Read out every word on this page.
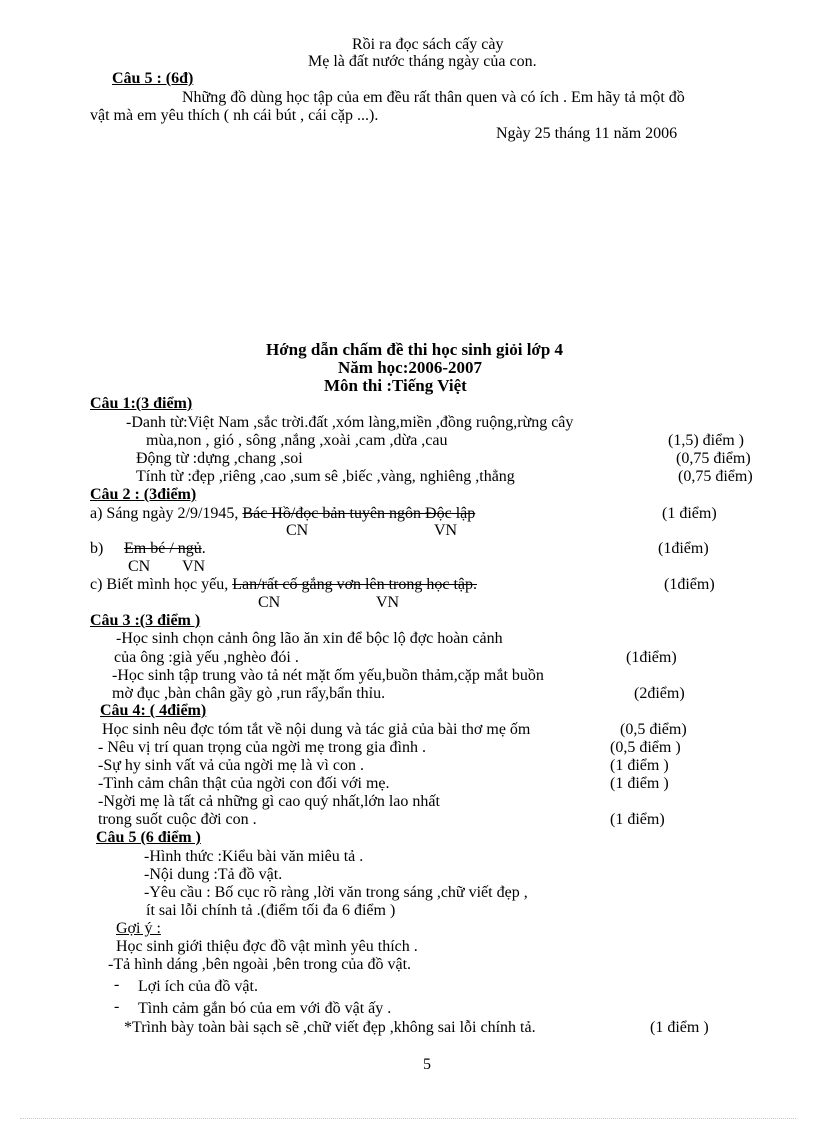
Rồi ra đọc sách cấy cày
Mẹ là đất nước tháng ngày của con.
Câu 5 : (6đ)
Những đồ dùng học tập của em đều rất thân quen và có ích . Em hãy tả một đồ
vật mà em yêu thích ( nh cái bút , cái cặp ...).
Ngày 25 tháng 11 năm 2006
Hớng dẫn chấm đề thi học sinh giỏi lớp 4
Năm học:2006-2007
Môn thi :Tiếng Việt
Câu 1:(3 điểm)
-Danh từ:Việt Nam ,sắc trời.đất ,xóm làng,miền ,đồng ruộng,rừng cây
mùa,non , gió , sông ,nắng ,xoài ,cam ,dừa ,cau	(1,5) điểm )
Động từ :dựng ,chang ,soi	(0,75 điểm)
Tính từ :đẹp ,riêng ,cao ,sum sê ,biếc ,vàng, nghiêng ,thẳng	(0,75 điểm)
Câu 2 : (3điểm)
a) Sáng ngày 2/9/1945, Bác Hồ/đọc bản tuyên ngôn Độc lập	(1 điểm)
CN	VN
b) Em bé / ngủ.	(1điểm)
CN VN
c) Biết mình học yếu, Lan/rất cố gắng vơn lên trong học tập.	(1điểm)
CN	VN
Câu 3 :(3 điểm )
-Học sinh chọn cảnh ông lão ăn xin để bộc lộ đợc hoàn cảnh
của ông :già yếu ,nghèo đói .	(1điểm)
-Học sinh tập trung vào tả nét mặt ốm yếu,buồn thảm,cặp mắt buồn
mờ đục ,bàn chân gầy gò ,run rẩy,bẩn thỉu.	(2điểm)
Câu 4: ( 4điểm)
Học sinh nêu đợc tóm tắt về nội dung và tác giả của bài thơ mẹ ốm	(0,5 điểm)
- Nêu vị trí quan trọng của ngời mẹ trong gia đình .	(0,5 điểm )
-Sự hy sinh vất vả của ngời mẹ là vì con .	(1 điểm )
-Tình cảm chân thật của ngời con đối với mẹ.	(1 điểm )
-Ngời mẹ là tất cả những gì cao quý nhất,lớn lao nhất
trong suốt cuộc đời con .	(1 điểm)
Câu 5 (6 điểm )
-Hình thức :Kiểu bài văn miêu tả .
-Nội dung :Tả đồ vật.
-Yêu cầu : Bố cục rõ ràng ,lời văn trong sáng ,chữ viết đẹp ,
ít sai lỗi chính tả .(điểm tối đa 6 điểm )
Gợi ý :
Học sinh giới thiệu đợc đồ vật mình yêu thích .
-Tả hình dáng ,bên ngoài ,bên trong của đồ vật.
- Lợi ích của đồ vật.
- Tình cảm gắn bó của em với đồ vật ấy .
*Trình bày toàn bài sạch sẽ ,chữ viết đẹp ,không sai lỗi chính tả.	(1 điểm )
5
